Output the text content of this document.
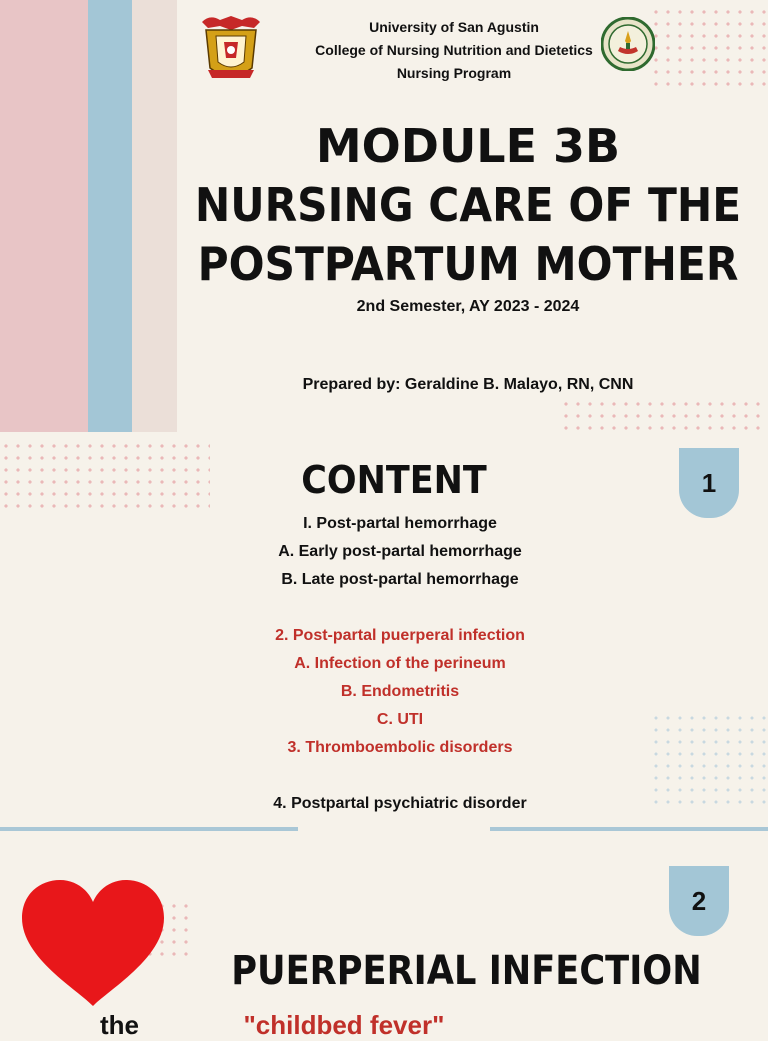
University of San Agustin
College of Nursing Nutrition and Dietetics
Nursing Program
MODULE 3B
NURSING CARE OF THE
POSTPARTUM MOTHER
2nd Semester, AY 2023 - 2024
Prepared by: Geraldine B. Malayo, RN, CNN
CONTENT	1
I. Post-partal hemorrhage
A. Early post-partal hemorrhage
B. Late post-partal hemorrhage
2. Post-partal puerperal infection
A. Infection of the perineum
B. Endometritis
C. UTI
3. Thromboembolic disorders
4. Postpartal psychiatric disorder
2
PUERPERIAL INFECTION
the	"childbed fever"
